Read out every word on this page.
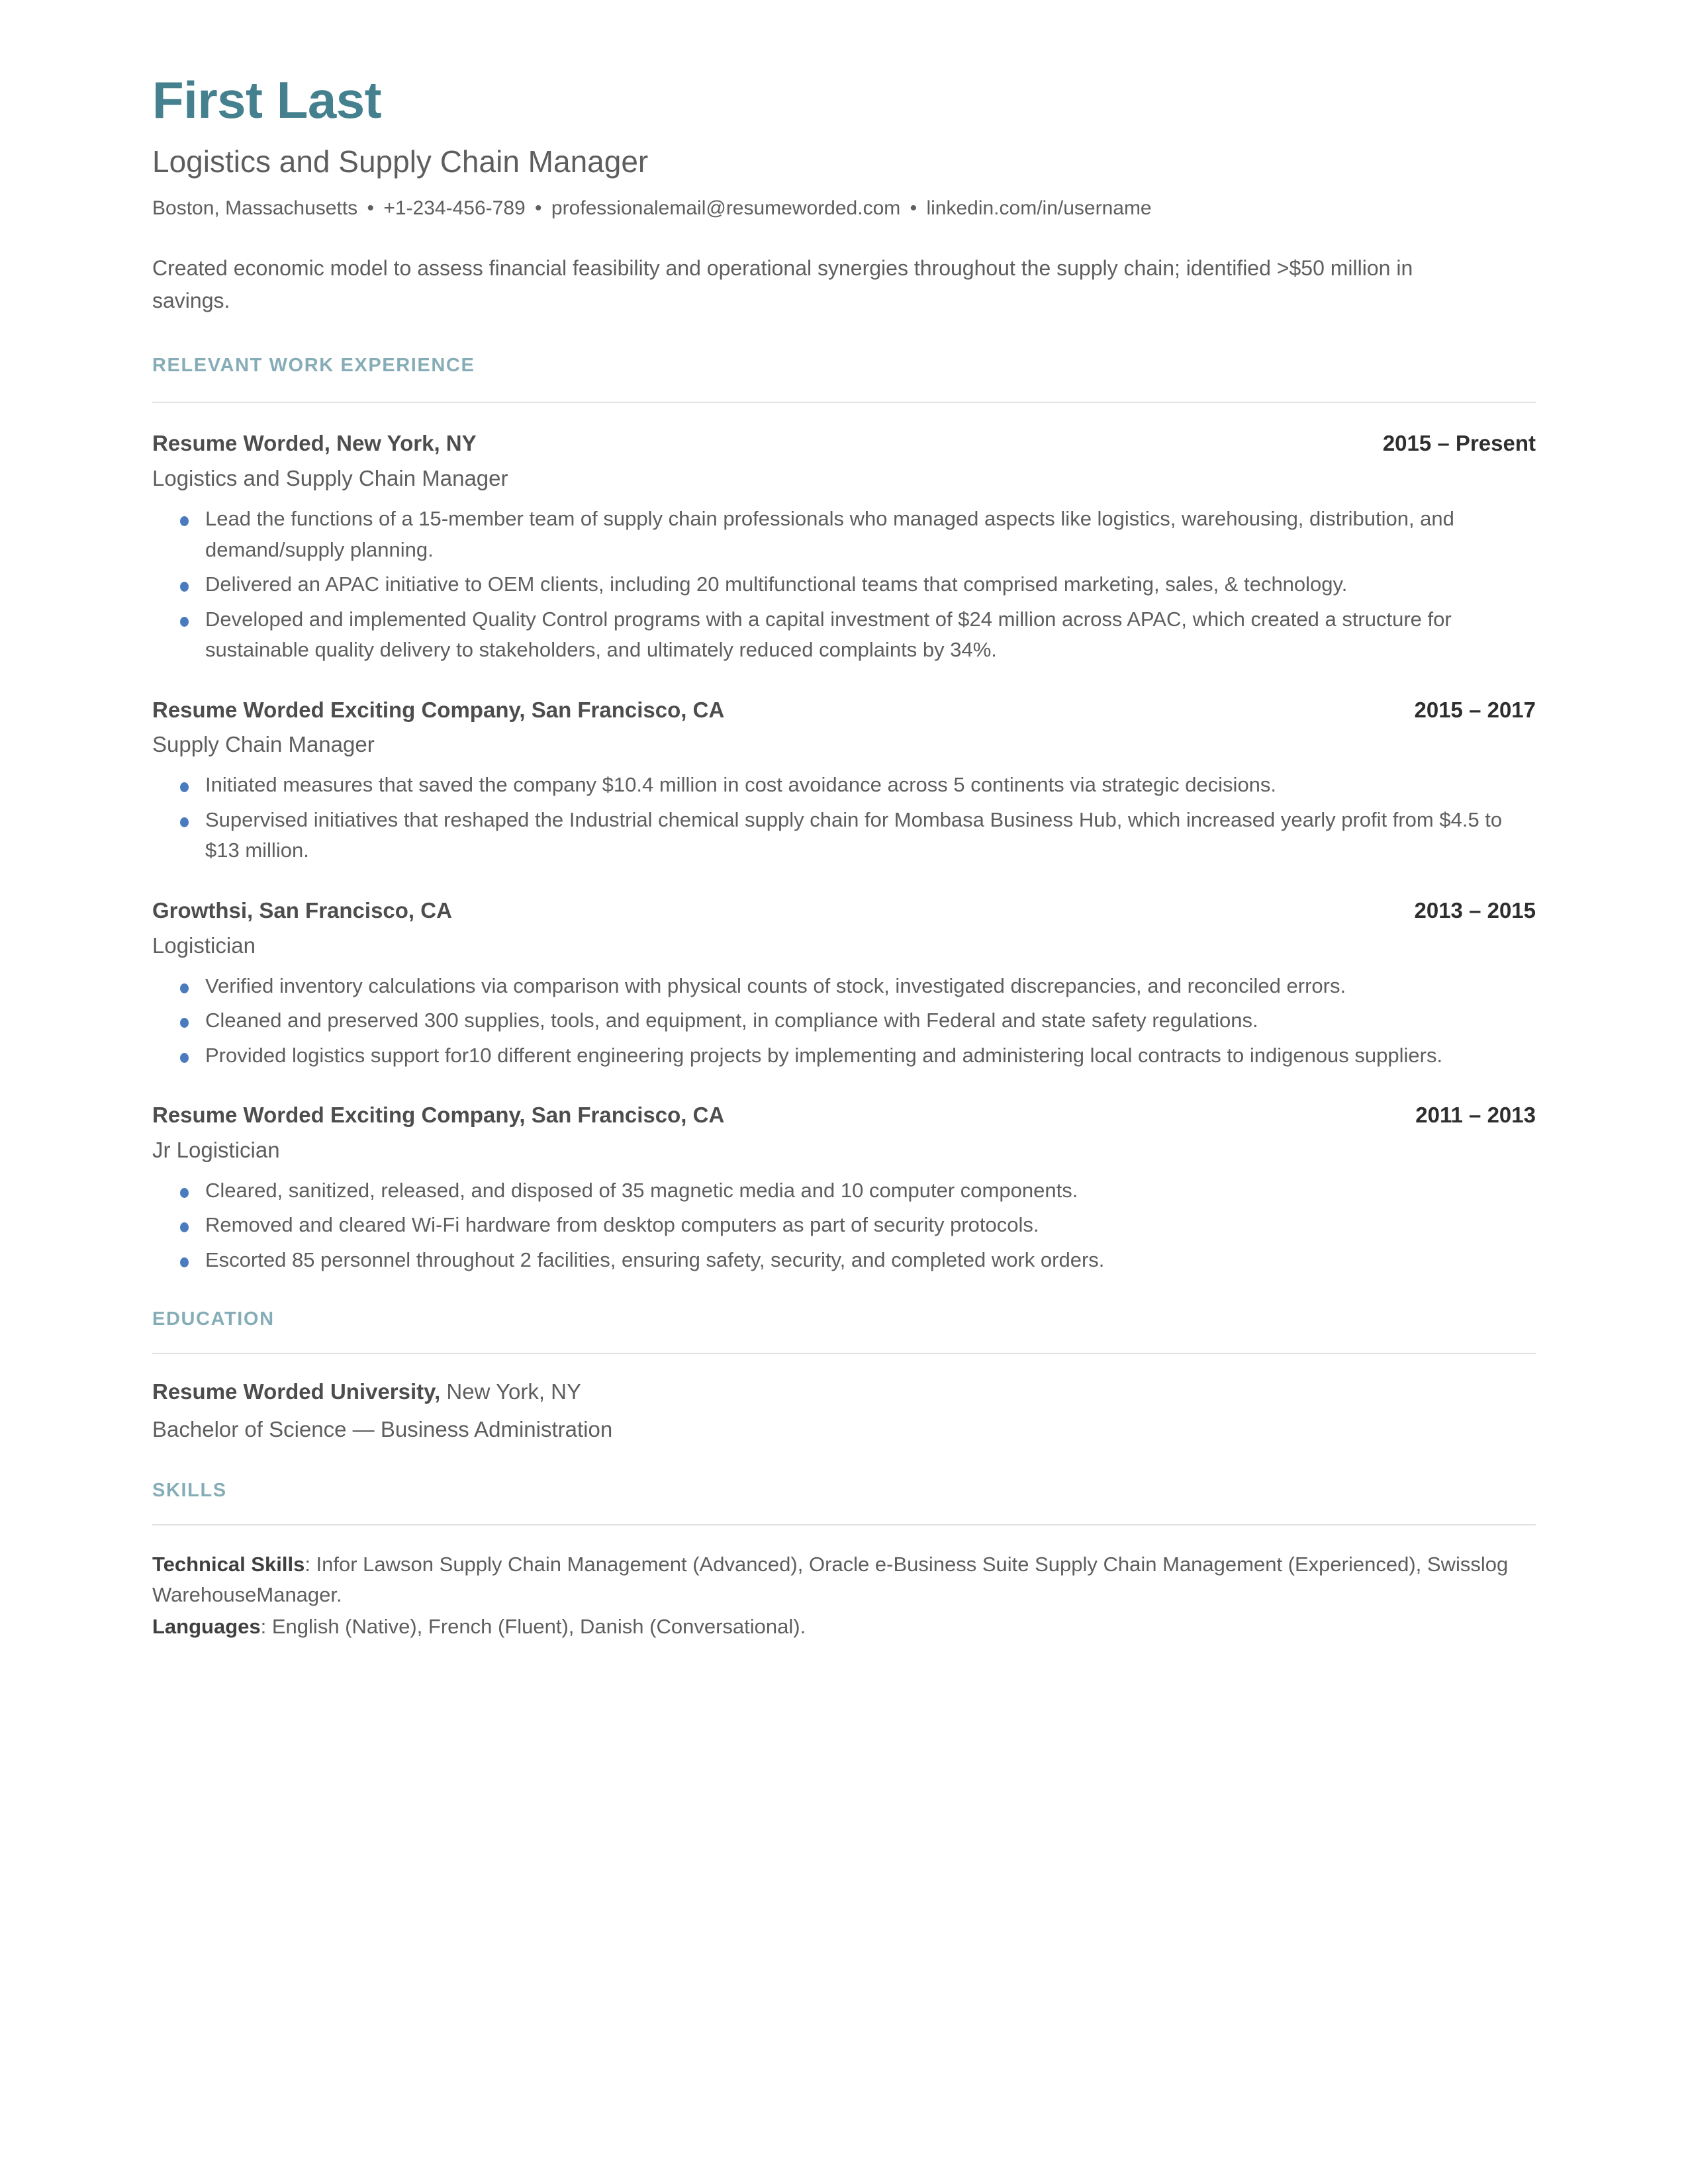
First Last
Logistics and Supply Chain Manager
Boston, Massachusetts • +1-234-456-789 • professionalemail@resumeworded.com • linkedin.com/in/username
Created economic model to assess financial feasibility and operational synergies throughout the supply chain; identified >$50 million in savings.
RELEVANT WORK EXPERIENCE
Resume Worded, New York, NY	2015 – Present
Logistics and Supply Chain Manager
Lead the functions of a 15-member team of supply chain professionals who managed aspects like logistics, warehousing, distribution, and demand/supply planning.
Delivered an APAC initiative to OEM clients, including 20 multifunctional teams that comprised marketing, sales, & technology.
Developed and implemented Quality Control programs with a capital investment of $24 million across APAC, which created a structure for sustainable quality delivery to stakeholders, and ultimately reduced complaints by 34%.
Resume Worded Exciting Company, San Francisco, CA	2015 – 2017
Supply Chain Manager
Initiated measures that saved the company $10.4 million in cost avoidance across 5 continents via strategic decisions.
Supervised initiatives that reshaped the Industrial chemical supply chain for Mombasa Business Hub, which increased yearly profit from $4.5 to $13 million.
Growthsi, San Francisco, CA	2013 – 2015
Logistician
Verified inventory calculations via comparison with physical counts of stock, investigated discrepancies, and reconciled errors.
Cleaned and preserved 300 supplies, tools, and equipment, in compliance with Federal and state safety regulations.
Provided logistics support for10 different engineering projects by implementing and administering local contracts to indigenous suppliers.
Resume Worded Exciting Company, San Francisco, CA	2011 – 2013
Jr Logistician
Cleared, sanitized, released, and disposed of 35 magnetic media and 10 computer components.
Removed and cleared Wi-Fi hardware from desktop computers as part of security protocols.
Escorted 85 personnel throughout 2 facilities, ensuring safety, security, and completed work orders.
EDUCATION
Resume Worded University, New York, NY
Bachelor of Science — Business Administration
SKILLS
Technical Skills: Infor Lawson Supply Chain Management (Advanced), Oracle e-Business Suite Supply Chain Management (Experienced), Swisslog WarehouseManager.
Languages: English (Native), French (Fluent), Danish (Conversational).
